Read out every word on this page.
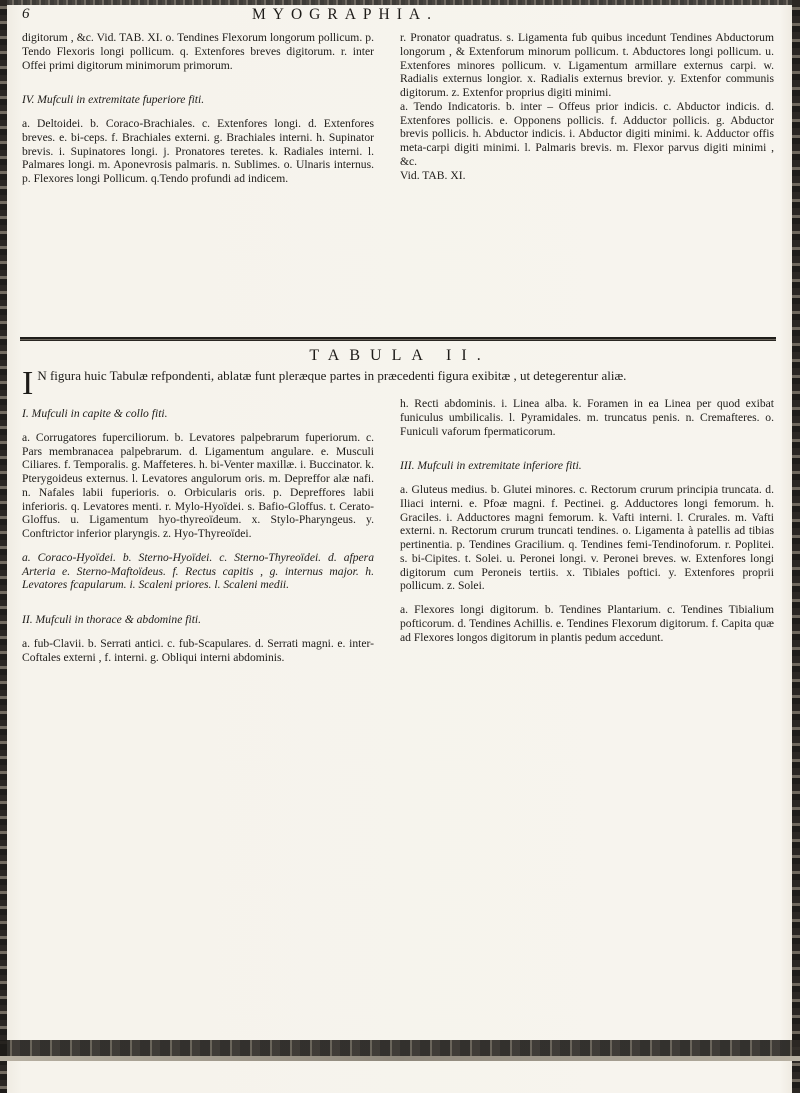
6	MYOGRAPHIA.

digitorum , &c. Vid. TAB. XI. o. Tendines Flexorum longorum pollicum. p. Tendo Flexoris longi pollicum. q. Extenfores breves digitorum. r. inter Offei primi digitorum minimorum primorum.

IV. Mufculi in extremitate fuperiore fiti.

a. Deltoidei. b. Coraco-Brachiales. c. Extenfores longi. d. Extenfores breves. e. bi-ceps. f. Brachiales externi. g. Brachiales interni. h. Supinator brevis. i. Supinatores longi. j. Pronatores teretes. k. Radiales interni. l. Palmares longi. m. Aponevrosis palmaris. n. Sublimes. o. Ulnaris internus. p. Flexores longi Pollicum. q.Tendo profundi ad indicem.

r. Pronator quadratus. s. Ligamenta fub quibus incedunt Tendines Abductorum longorum , & Extenforum minorum pollicum. t. Abductores longi pollicum. u. Extenfores minores pollicum. v. Ligamentum armillare externus carpi. w. Radialis externus longior. x. Radialis externus brevior. y. Extenfor communis digitorum. z. Extenfor proprius digiti minimi.

a. Tendo Indicatoris. b. inter – Offeus prior indicis. c. Abductor indicis. d. Extenfores pollicis. e. Opponens pollicis. f. Adductor pollicis. g. Abductor brevis pollicis. h. Abductor indicis. i. Abductor digiti minimi. k. Adductor offis meta-carpi digiti minimi. l. Palmaris brevis. m. Flexor parvus digiti minimi , &c.

Vid. TAB. XI.

TABULA II.
I N figura huic Tabulæ refpondenti, ablatæ funt pleræque partes in præcedenti figura exibitæ , ut detegerentur aliæ.

I. Mufculi in capite & collo fiti.

a. Corrugatores fuperciliorum. b. Levatores palpebrarum fuperiorum. c. Pars membranacea palpebrarum. d. Ligamentum angulare. e. Musculi Ciliares. f. Temporalis. g. Maffeteres. h. bi-Venter maxillæ. i. Buccinator. k. Pterygoideus externus. l. Levatores angulorum oris. m. Depreffor alæ nafi. n. Nafales labii fuperioris. o. Orbicularis oris. p. Depreffores labii inferioris. q. Levatores menti. r. Mylo-Hyoïdei. s. Bafio-Gloffus. t. Cerato-Gloffus. u. Ligamentum hyo-thyreoïdeum. x. Stylo-Pharyngeus. y. Conftrictor inferior plaryngis. z. Hyo-Thyreoïdei.

a. Coraco-Hyoïdei. b. Sterno-Hyoïdei. c. Sterno-Thyreoïdei. d. afpera Arteria e. Sterno-Maftoïdeus. f. Rectus capitis , g. internus major. h. Levatores fcapularum. i. Scaleni priores. l. Scaleni medii.

II. Mufculi in thorace & abdomine fiti.

a. fub-Clavii. b. Serrati antici. c. fub-Scapulares. d. Serrati magni. e. inter-Coftales externi , f. interni. g. Obliqui interni abdominis.

h. Recti abdominis. i. Linea alba. k. Foramen in ea Linea per quod exibat funiculus umbilicalis. l. Pyramidales. m. truncatus penis. n. Cremafteres. o. Funiculi vaforum fpermaticorum.

III. Mufculi in extremitate inferiore fiti.

a. Gluteus medius. b. Glutei minores. c. Rectorum crurum principia truncata. d. Iliaci interni. e. Pfoæ magni. f. Pectinei. g. Adductores longi femorum. h. Graciles. i. Adductores magni femorum. k. Vafti interni. l. Crurales. m. Vafti externi. n. Rectorum crurum truncati tendines. o. Ligamenta à patellis ad tibias pertinentia. p. Tendines Gracilium. q. Tendines femi-Tendinoforum. r. Poplitei. s. bi-Cipites. t. Solei. u. Peronei longi. v. Peronei breves. w. Extenfores longi digitorum cum Peroneis tertiis. x. Tibiales poftici. y. Extenfores proprii pollicum. z. Solei.

a. Flexores longi digitorum. b. Tendines Plantarium. c. Tendines Tibialium pofticorum. d. Tendines Achillis. e. Tendines Flexorum digitorum. f. Capita quæ ad Flexores longos digitorum in plantis pedum accedunt.
